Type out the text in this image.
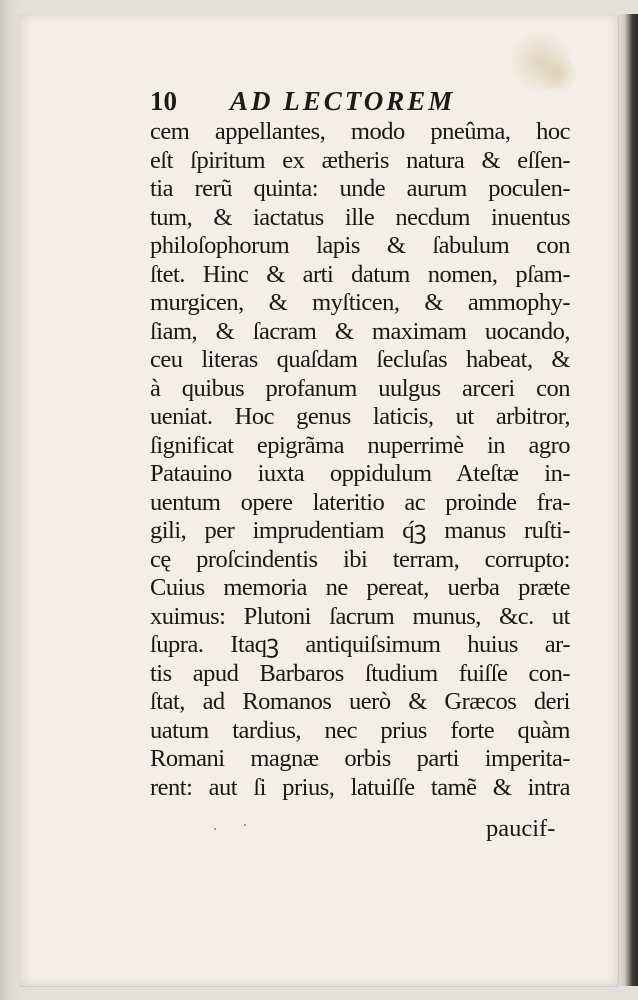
10 AD LECTOREM
cem appellantes, modo pneûma, hoc
eſt ſpiritum ex ætheris natura & eſſen-
tia rerũ quinta: unde aurum poculen-
tum, & iactatus ille necdum inuentus
philoſophorum lapis & ſabulum con
ſtet. Hinc & arti datum nomen, pſam-
murgicen, & myſticen, & ammophy-
ſiam, & ſacram & maximam uocando,
ceu literas quaſdam ſecluſas habeat, &
à quibus profanum uulgus arceri con
ueniat. Hoc genus laticis, ut arbitror,
ſignificat epigrãma nuperrimè in agro
Patauino iuxta oppidulum Ateſtæ in-
uentum opere lateritio ac proinde fra-
gili, per imprudentiam q́ꝫ manus ruſti-
cę proſcindentis ibi terram, corrupto:
Cuius memoria ne pereat, uerba præte
xuimus: Plutoni ſacrum munus, &c. ut
ſupra. Itaqꝫ antiquiſsimum huius ar-
tis apud Barbaros ſtudium fuiſſe con-
ſtat, ad Romanos uerò & Græcos deri
uatum tardius, nec prius forte quàm
Romani magnæ orbis parti imperita-
rent: aut ſi prius, latuiſſe tamẽ & intra
paucif-
